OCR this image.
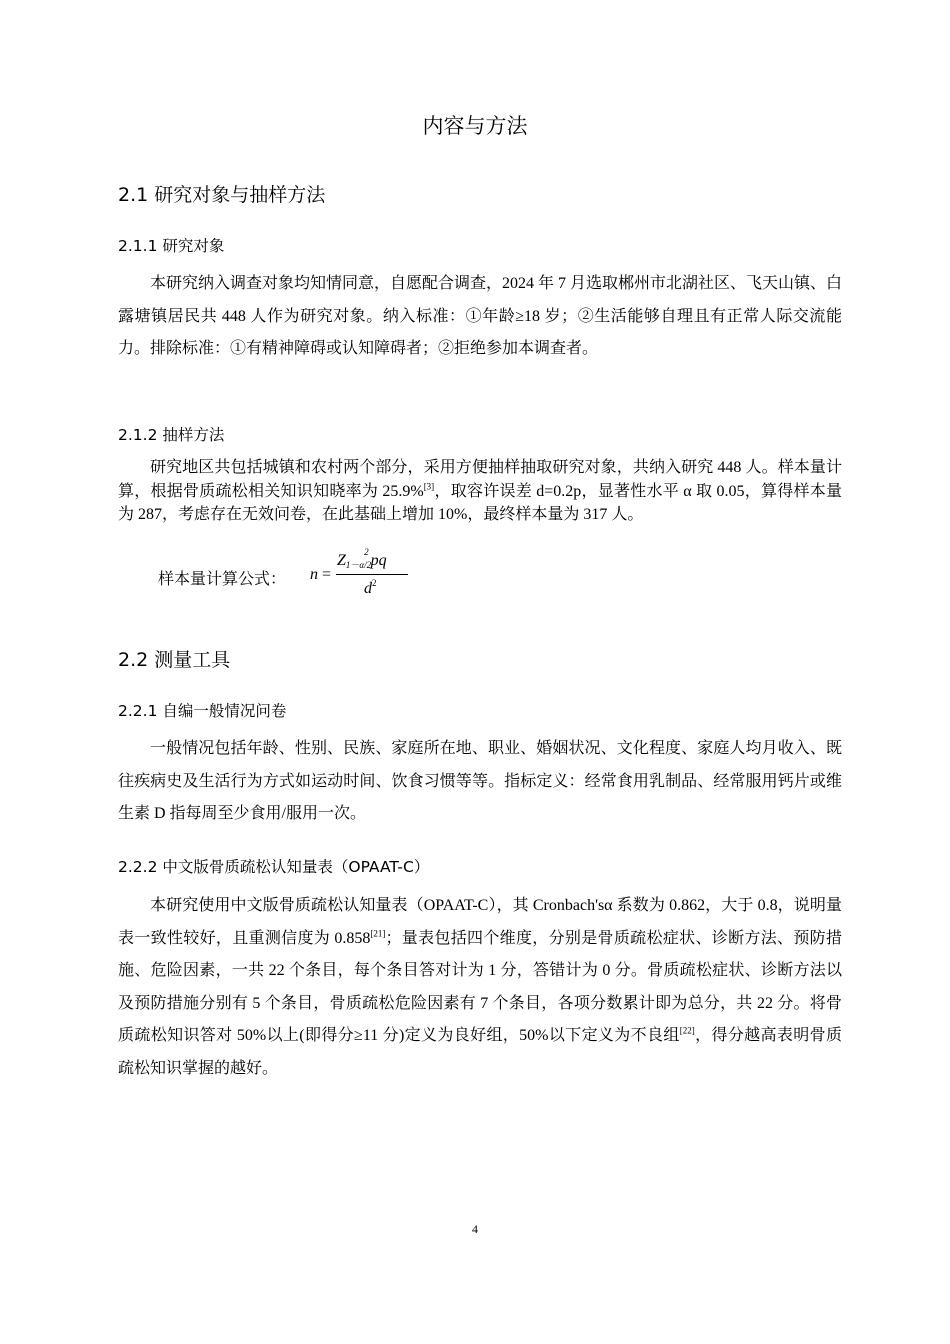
内容与方法
2.1 研究对象与抽样方法
2.1.1 研究对象

本研究纳入调查对象均知情同意，自愿配合调查，2024 年 7 月选取郴州市北湖社区、飞天山镇、白露塘镇居民共 448 人作为研究对象。纳入标准：①年龄≥18 岁；②生活能够自理且有正常人际交流能力。排除标准：①有精神障碍或认知障碍者；②拒绝参加本调查者。

2.1.2 抽样方法

研究地区共包括城镇和农村两个部分，采用方便抽样抽取研究对象，共纳入研究 448 人。样本量计算，根据骨质疏松相关知识知晓率为 25.9%[3]，取容许误差 d=0.2p，显著性水平 α 取 0.05，算得样本量为 287，考虑存在无效问卷，在此基础上增加 10%，最终样本量为 317 人。

样本量计算公式： n =
$Z_{1-\alpha/2}^2$ pq
$d^2$
2.2 测量工具
2.2.1 自编一般情况问卷

一般情况包括年龄、性别、民族、家庭所在地、职业、婚姻状况、文化程度、家庭人均月收入、既往疾病史及生活行为方式如运动时间、饮食习惯等等。指标定义：经常食用乳制品、经常服用钙片或维生素 D 指每周至少食用/服用一次。

2.2.2 中文版骨质疏松认知量表（OPAAT-C）

本研究使用中文版骨质疏松认知量表（OPAAT-C），其 Cronbach'sα 系数为 0.862，大于 0.8，说明量表一致性较好，且重测信度为 0.858[21]；量表包括四个维度，分别是骨质疏松症状、诊断方法、预防措施、危险因素，一共 22 个条目，每个条目答对计为 1 分，答错计为 0 分。骨质疏松症状、诊断方法以及预防措施分别有 5 个条目，骨质疏松危险因素有 7 个条目，各项分数累计即为总分，共 22 分。将骨质疏松知识答对 50%以上(即得分≥11 分)定义为良好组，50%以下定义为不良组[22]，得分越高表明骨质疏松知识掌握的越好。

4
